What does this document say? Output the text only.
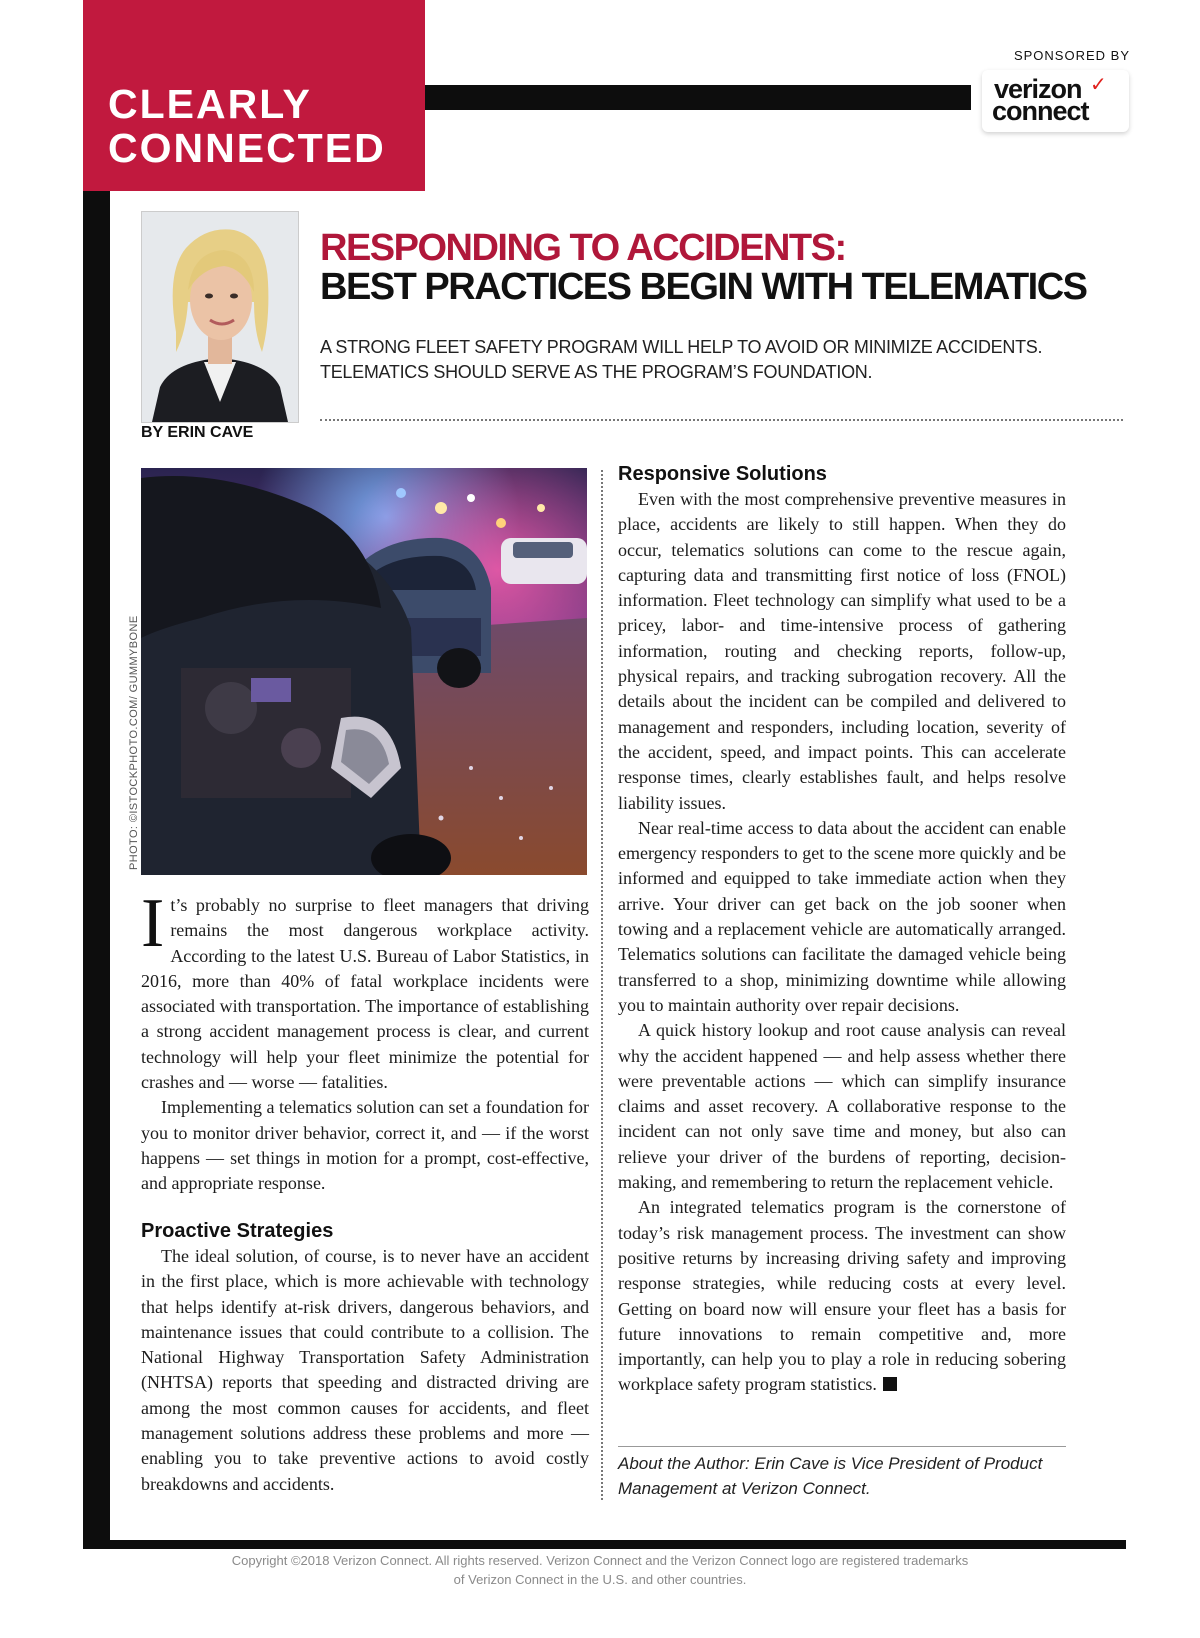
CLEARLY
CONNECTED
SPONSORED BY
verizon ✓
connect
BY ERIN CAVE
RESPONDING TO ACCIDENTS:
BEST PRACTICES BEGIN WITH TELEMATICS
A STRONG FLEET SAFETY PROGRAM WILL HELP TO AVOID OR MINIMIZE ACCIDENTS. TELEMATICS SHOULD SERVE AS THE PROGRAM’S FOUNDATION.
PHOTO: ©ISTOCKPHOTO.COM/ GUMMYBONE

It’s probably no surprise to fleet managers that driving remains the most dangerous workplace activity. According to the latest U.S. Bureau of Labor Statistics, in 2016, more than 40% of fatal workplace incidents were associated with transportation. The importance of establishing a strong accident management process is clear, and current technology will help your fleet minimize the potential for crashes and — worse — fatalities.

Implementing a telematics solution can set a foundation for you to monitor driver behavior, correct it, and — if the worst happens — set things in motion for a prompt, cost-effective, and appropriate response.

Proactive Strategies

The ideal solution, of course, is to never have an accident in the first place, which is more achievable with technology that helps identify at-risk drivers, dangerous behaviors, and maintenance issues that could contribute to a collision. The National Highway Transportation Safety Administration (NHTSA) reports that speeding and distracted driving are among the most common causes for accidents, and fleet management solutions address these problems and more — enabling you to take preventive actions to avoid costly breakdowns and accidents.

Responsive Solutions

Even with the most comprehensive preventive measures in place, accidents are likely to still happen. When they do occur, telematics solutions can come to the rescue again, capturing data and transmitting first notice of loss (FNOL) information. Fleet technology can simplify what used to be a pricey, labor- and time-intensive process of gathering information, routing and checking reports, follow-up, physical repairs, and tracking subrogation recovery. All the details about the incident can be compiled and delivered to management and responders, including location, severity of the accident, speed, and impact points. This can accelerate response times, clearly establishes fault, and helps resolve liability issues.

Near real-time access to data about the accident can enable emergency responders to get to the scene more quickly and be informed and equipped to take immediate action when they arrive. Your driver can get back on the job sooner when towing and a replacement vehicle are automatically arranged. Telematics solutions can facilitate the damaged vehicle being transferred to a shop, minimizing downtime while allowing you to maintain authority over repair decisions.

A quick history lookup and root cause analysis can reveal why the accident happened — and help assess whether there were preventable actions — which can simplify insurance claims and asset recovery. A collaborative response to the incident can not only save time and money, but also can relieve your driver of the burdens of reporting, decision-making, and remembering to return the replacement vehicle.

An integrated telematics program is the cornerstone of today’s risk management process. The investment can show positive returns by increasing driving safety and improving response strategies, while reducing costs at every level. Getting on board now will ensure your fleet has a basis for future innovations to remain competitive and, more importantly, can help you to play a role in reducing sobering workplace safety program statistics.

About the Author: Erin Cave is Vice President of Product Management at Verizon Connect.
Copyright ©2018 Verizon Connect. All rights reserved. Verizon Connect and the Verizon Connect logo are registered trademarks
of Verizon Connect in the U.S. and other countries.
